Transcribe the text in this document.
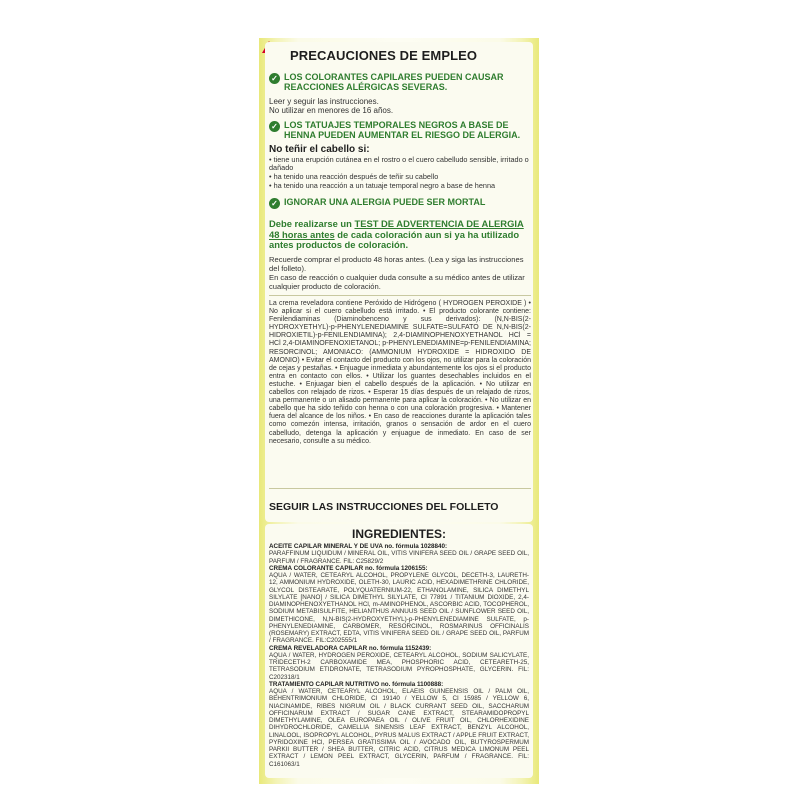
!
PRECAUCIONES DE EMPLEO
✓ LOS COLORANTES CAPILARES PUEDEN CAUSAR REACCIONES ALÉRGICAS SEVERAS.
Leer y seguir las instrucciones.
No utilizar en menores de 16 años.
✓ LOS TATUAJES TEMPORALES NEGROS A BASE DE HENNA PUEDEN AUMENTAR EL RIESGO DE ALERGIA.
No teñir el cabello si:
• tiene una erupción cutánea en el rostro o el cuero cabelludo sensible, irritado o dañado
• ha tenido una reacción después de teñir su cabello
• ha tenido una reacción a un tatuaje temporal negro a base de henna
✓ IGNORAR UNA ALERGIA PUEDE SER MORTAL
Debe realizarse un TEST DE ADVERTENCIA DE ALERGIA
48 horas antes de cada coloración aun si ya ha utilizado antes productos de coloración.
Recuerde comprar el producto 48 horas antes. (Lea y siga las instrucciones del folleto).
En caso de reacción o cualquier duda consulte a su médico antes de utilizar cualquier producto de coloración.
La crema reveladora contiene Peróxido de Hidrógeno ( HYDROGEN PEROXIDE ) • No aplicar si el cuero cabelludo está irritado. • El producto colorante contiene: Fenilendiaminas (Diaminobenceno y sus derivados): (N,N-BIS(2-HYDROXYETHYL)-p-PHENYLENEDIAMINE SULFATE=SULFATO DE N,N-BIS(2-HIDROXIETIL)-p-FENILENDIAMINA); 2,4-DIAMINOPHENOXYETHANOL HCl = HCl 2,4-DIAMINOFENOXIETANOL; p-PHENYLENEDIAMINE=p-FENILENDIAMINA; RESORCINOL; AMONIACO: (AMMONIUM HYDROXIDE = HIDROXIDO DE AMONIO) • Evitar el contacto del producto con los ojos, no utilizar para la coloración de cejas y pestañas. • Enjuague inmediata y abundantemente los ojos si el producto entra en contacto con ellos. • Utilizar los guantes desechables incluidos en el estuche. • Enjuagar bien el cabello después de la aplicación. • No utilizar en cabellos con relajado de rizos. • Esperar 15 días después de un relajado de rizos, una permanente o un alisado permanente para aplicar la coloración. • No utilizar en cabello que ha sido teñido con henna o con una coloración progresiva. • Mantener fuera del alcance de los niños. • En caso de reacciones durante la aplicación tales como comezón intensa, irritación, granos o sensación de ardor en el cuero cabelludo, detenga la aplicación y enjuague de inmediato. En caso de ser necesario, consulte a su médico.
SEGUIR LAS INSTRUCCIONES DEL FOLLETO
INGREDIENTES:
ACEITE CAPILAR MINERAL Y DE UVA no. fórmula 1028840:
PARAFFINUM LIQUIDUM / MINERAL OIL, VITIS VINIFERA SEED OIL / GRAPE SEED OIL, PARFUM / FRAGRANCE. FIL: C25829/2
CREMA COLORANTE CAPILAR no. fórmula 1206155:
AQUA / WATER, CETEARYL ALCOHOL, PROPYLENE GLYCOL, DECETH-3, LAURETH-12, AMMONIUM HYDROXIDE, OLETH-30, LAURIC ACID, HEXADIMETHRINE CHLORIDE, GLYCOL DISTEARATE, POLYQUATERNIUM-22, ETHANOLAMINE, SILICA DIMETHYL SILYLATE [NANO] / SILICA DIMETHYL SILYLATE, CI 77891 / TITANIUM DIOXIDE, 2,4-DIAMINOPHENOXYETHANOL HCl, m-AMINOPHENOL, ASCORBIC ACID, TOCOPHEROL, SODIUM METABISULFITE, HELIANTHUS ANNUUS SEED OIL / SUNFLOWER SEED OIL, DIMETHICONE, N,N-BIS(2-HYDROXYETHYL)-p-PHENYLENEDIAMINE SULFATE, p-PHENYLENEDIAMINE, CARBOMER, RESORCINOL, ROSMARINUS OFFICINALIS (ROSEMARY) EXTRACT, EDTA, VITIS VINIFERA SEED OIL / GRAPE SEED OIL, PARFUM / FRAGRANCE. FIL:C202555/1
CREMA REVELADORA CAPILAR no. fórmula 1152439:
AQUA / WATER, HYDROGEN PEROXIDE, CETEARYL ALCOHOL, SODIUM SALICYLATE, TRIDECETH-2 CARBOXAMIDE MEA, PHOSPHORIC ACID, CETEARETH-25, TETRASODIUM ETIDRONATE, TETRASODIUM PYROPHOSPHATE, GLYCERIN. FIL: C202318/1
TRATAMIENTO CAPILAR NUTRITIVO no. fórmula 1100888:
AQUA / WATER, CETEARYL ALCOHOL, ELAEIS GUINEENSIS OIL / PALM OIL, BEHENTRIMONIUM CHLORIDE, CI 19140 / YELLOW 5, CI 15985 / YELLOW 6, NIACINAMIDE, RIBES NIGRUM OIL / BLACK CURRANT SEED OIL, SACCHARUM OFFICINARUM EXTRACT / SUGAR CANE EXTRACT, STEARAMIDOPROPYL DIMETHYLAMINE, OLEA EUROPAEA OIL / OLIVE FRUIT OIL, CHLORHEXIDINE DIHYDROCHLORIDE, CAMELLIA SINENSIS LEAF EXTRACT, BENZYL ALCOHOL, LINALOOL, ISOPROPYL ALCOHOL, PYRUS MALUS EXTRACT / APPLE FRUIT EXTRACT, PYRIDOXINE HCl, PERSEA GRATISSIMA OIL / AVOCADO OIL, BUTYROSPERMUM PARKII BUTTER / SHEA BUTTER, CITRIC ACID, CITRUS MEDICA LIMONUM PEEL EXTRACT / LEMON PEEL EXTRACT, GLYCERIN, PARFUM / FRAGRANCE. FIL: C161063/1
